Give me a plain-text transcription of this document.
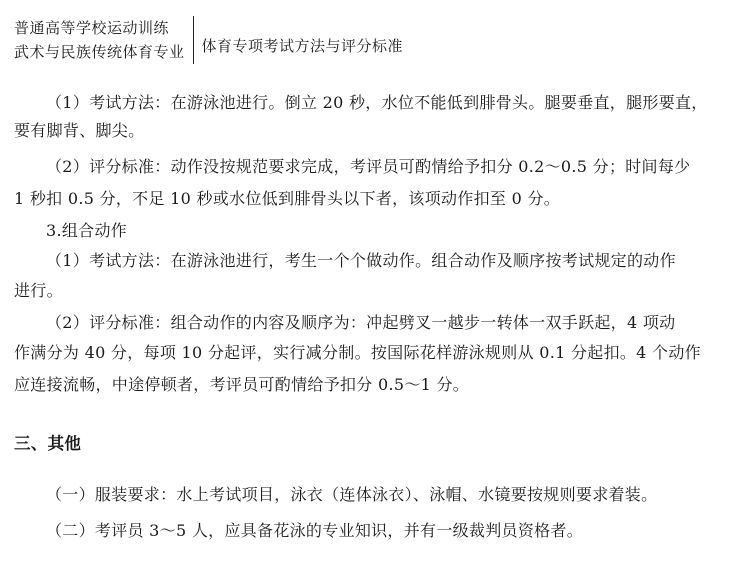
普通高等学校运动训练
武术与民族传统体育专业	体育专项考试方法与评分标准
（1）考试方法：在游泳池进行。倒立 20 秒，水位不能低到腓骨头。腿要垂直，腿形要直，
要有脚背、脚尖。
（2）评分标准：动作没按规范要求完成，考评员可酌情给予扣分 0.2～0.5 分；时间每少
1 秒扣 0.5 分，不足 10 秒或水位低到腓骨头以下者，该项动作扣至 0 分。
3.组合动作
（1）考试方法：在游泳池进行，考生一个个做动作。组合动作及顺序按考试规定的动作
进行。
（2）评分标准：组合动作的内容及顺序为：冲起劈叉一越步一转体一双手跃起，4 项动
作满分为 40 分，每项 10 分起评，实行减分制。按国际花样游泳规则从 0.1 分起扣。4 个动作
应连接流畅，中途停顿者，考评员可酌情给予扣分 0.5～1 分。
三、其他
（一）服装要求：水上考试项目，泳衣（连体泳衣）、泳帽、水镜要按规则要求着装。
（二）考评员 3～5 人，应具备花泳的专业知识，并有一级裁判员资格者。
